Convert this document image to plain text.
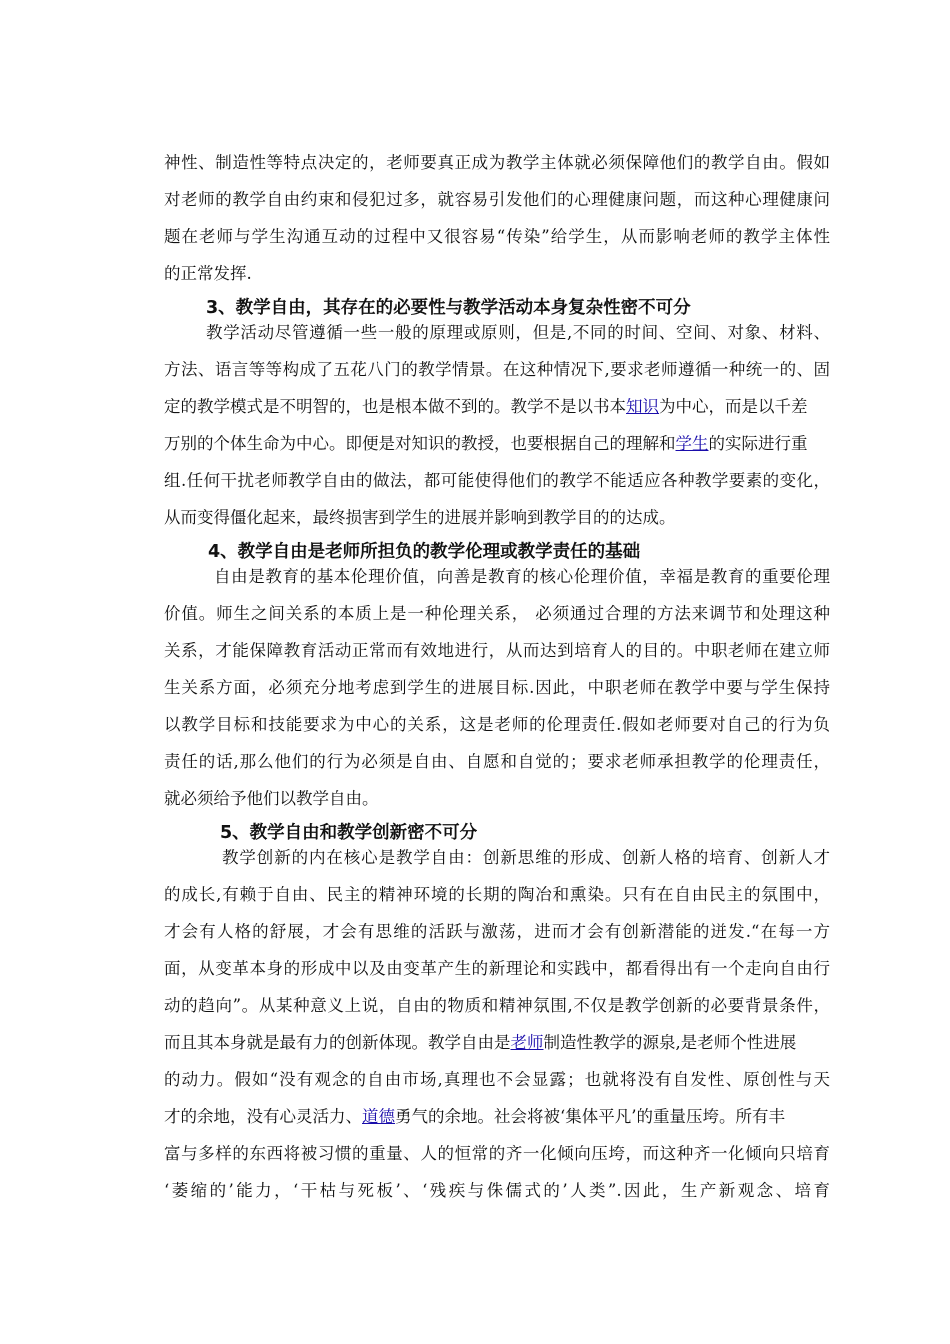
神性、制造性等特点决定的，老师要真正成为教学主体就必须保障他们的教学自由。假如
对老师的教学自由约束和侵犯过多，就容易引发他们的心理健康问题，而这种心理健康问
题在老师与学生沟通互动的过程中又很容易“传染”给学生，从而影响老师的教学主体性
的正常发挥.
3、教学自由，其存在的必要性与教学活动本身复杂性密不可分
教学活动尽管遵循一些一般的原理或原则，但是,不同的时间、空间、对象、材料、
方法、语言等等构成了五花八门的教学情景。在这种情况下,要求老师遵循一种统一的、固
定的教学模式是不明智的，也是根本做不到的。教学不是以书本知识为中心，而是以千差
万别的个体生命为中心。即便是对知识的教授，也要根据自己的理解和学生的实际进行重
组.任何干扰老师教学自由的做法，都可能使得他们的教学不能适应各种教学要素的变化，
从而变得僵化起来，最终损害到学生的进展并影响到教学目的的达成。
4、教学自由是老师所担负的教学伦理或教学责任的基础
自由是教育的基本伦理价值，向善是教育的核心伦理价值，幸福是教育的重要伦理
价值。师生之间关系的本质上是一种伦理关系， 必须通过合理的方法来调节和处理这种
关系，才能保障教育活动正常而有效地进行，从而达到培育人的目的。中职老师在建立师
生关系方面，必须充分地考虑到学生的进展目标.因此，中职老师在教学中要与学生保持
以教学目标和技能要求为中心的关系，这是老师的伦理责任.假如老师要对自己的行为负
责任的话,那么他们的行为必须是自由、自愿和自觉的；要求老师承担教学的伦理责任，
就必须给予他们以教学自由。
5、教学自由和教学创新密不可分
教学创新的内在核心是教学自由：创新思维的形成、创新人格的培育、创新人才
的成长,有赖于自由、民主的精神环境的长期的陶冶和熏染。只有在自由民主的氛围中，
才会有人格的舒展，才会有思维的活跃与激荡，进而才会有创新潜能的迸发.“在每一方
面，从变革本身的形成中以及由变革产生的新理论和实践中，都看得出有一个走向自由行
动的趋向”。从某种意义上说，自由的物质和精神氛围,不仅是教学创新的必要背景条件，
而且其本身就是最有力的创新体现。教学自由是老师制造性教学的源泉,是老师个性进展
的动力。假如“没有观念的自由市场,真理也不会显露；也就将没有自发性、原创性与天
才的余地，没有心灵活力、道德勇气的余地。社会将被‘集体平凡’的重量压垮。所有丰
富与多样的东西将被习惯的重量、人的恒常的齐一化倾向压垮，而这种齐一化倾向只培育
‘萎缩的’能力，‘干枯与死板’、‘残疾与侏儒式的’人类”.因此，生产新观念、培育
